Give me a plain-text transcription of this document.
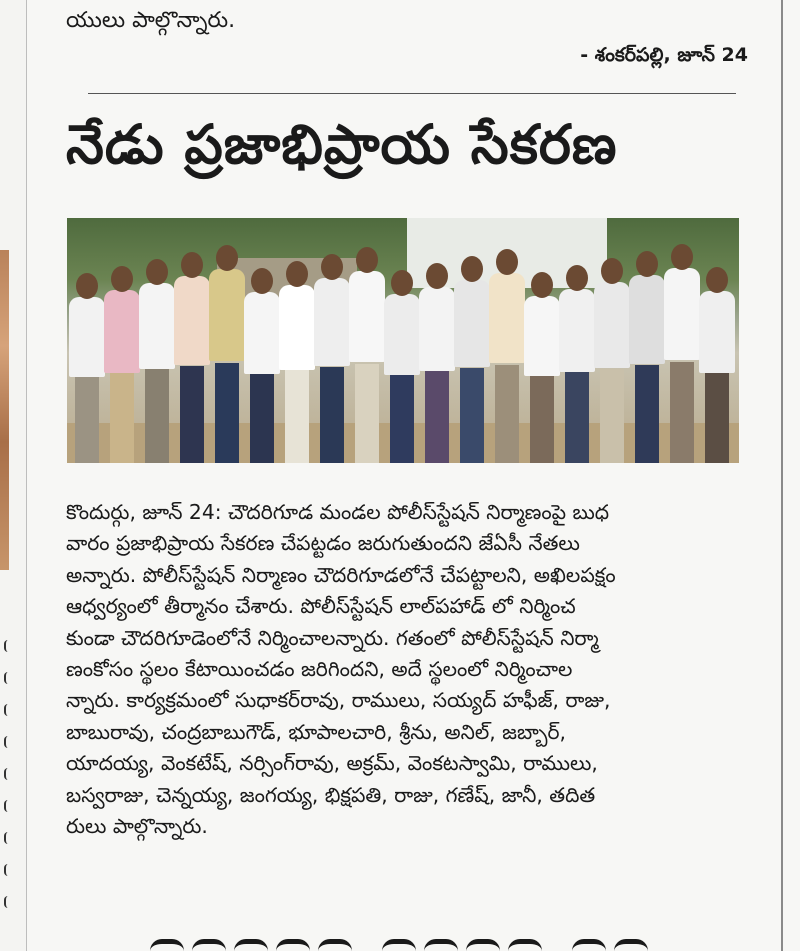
యులు పాల్గొన్నారు.
- శంకర్‌పల్లి, జూన్ 24
నేడు ప్రజాభిప్రాయ సేకరణ

కొందుర్గు, జూన్ 24: చౌదరిగూడ మండల పోలీస్‌స్టేషన్ నిర్మాణంపై బుధ

వారం ప్రజాభిప్రాయ సేకరణ చేపట్టడం జరుగుతుందని జేఏసీ నేతలు

అన్నారు. పోలీస్‌స్టేషన్ నిర్మాణం చౌదరిగూడలోనే చేపట్టాలని, అఖిలపక్షం

ఆధ్వర్యంలో తీర్మానం చేశారు. పోలీస్‌స్టేషన్ లాల్‌పహాడ్ లో నిర్మించ

కుండా చౌదరిగూడెంలోనే నిర్మించాలన్నారు. గతంలో పోలీస్‌స్టేషన్ నిర్మా

ణంకోసం స్థలం కేటాయించడం జరిగిందని, అదే స్థలంలో నిర్మించాల

న్నారు. కార్యక్రమంలో సుధాకర్‌రావు, రాములు, సయ్యద్ హఫీజ్, రాజు,

బాబురావు, చంద్రబాబుగౌడ్, భూపాలచారి, శ్రీను, అనిల్, జబ్బార్,

యాదయ్య, వెంకటేష్, నర్సింగ్‌రావు, అక్రమ్, వెంకటస్వామి, రాములు,

బస్వరాజు, చెన్నయ్య, జంగయ్య, భిక్షపతి, రాజు, గణేష్, జానీ, తదిత

రులు పాల్గొన్నారు.
